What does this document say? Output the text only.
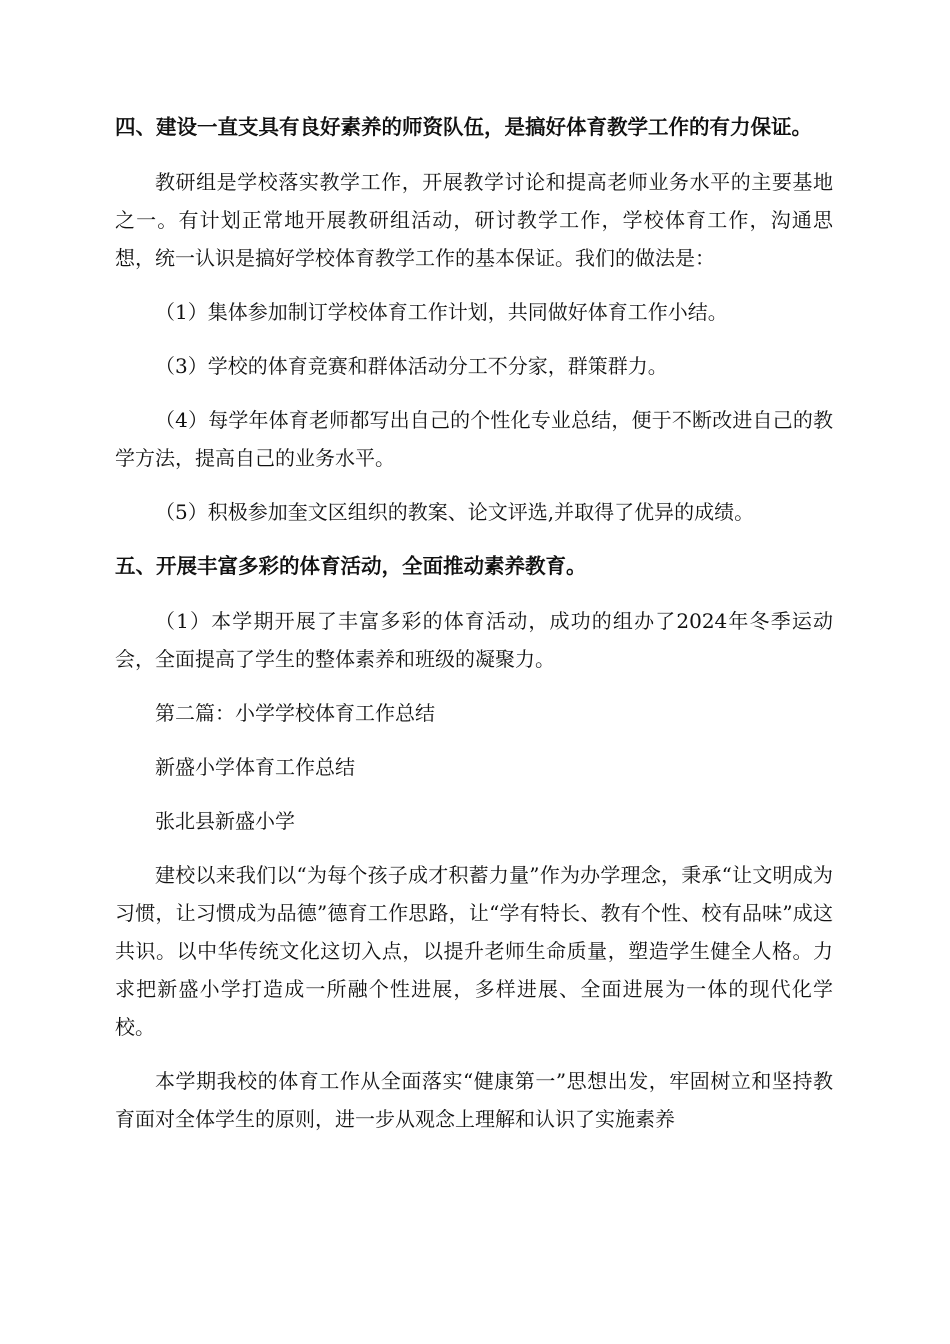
四、建设一直支具有良好素养的师资队伍，是搞好体育教学工作的有力保证。
教研组是学校落实教学工作，开展教学讨论和提高老师业务水平的主要基地之一。有计划正常地开展教研组活动，研讨教学工作，学校体育工作，沟通思想，统一认识是搞好学校体育教学工作的基本保证。我们的做法是：
（1）集体参加制订学校体育工作计划，共同做好体育工作小结。
（3）学校的体育竞赛和群体活动分工不分家，群策群力。
（4）每学年体育老师都写出自己的个性化专业总结，便于不断改进自己的教学方法，提高自己的业务水平。
（5）积极参加奎文区组织的教案、论文评选,并取得了优异的成绩。
五、开展丰富多彩的体育活动，全面推动素养教育。
（1）本学期开展了丰富多彩的体育活动，成功的组办了2024年冬季运动会，全面提高了学生的整体素养和班级的凝聚力。
第二篇：小学学校体育工作总结
新盛小学体育工作总结
张北县新盛小学
建校以来我们以“为每个孩子成才积蓄力量”作为办学理念，秉承“让文明成为习惯，让习惯成为品德”德育工作思路，让“学有特长、教有个性、校有品味”成这共识。以中华传统文化这切入点，以提升老师生命质量，塑造学生健全人格。力求把新盛小学打造成一所融个性进展，多样进展、全面进展为一体的现代化学校。
本学期我校的体育工作从全面落实“健康第一”思想出发，牢固树立和坚持教育面对全体学生的原则，进一步从观念上理解和认识了实施素养
